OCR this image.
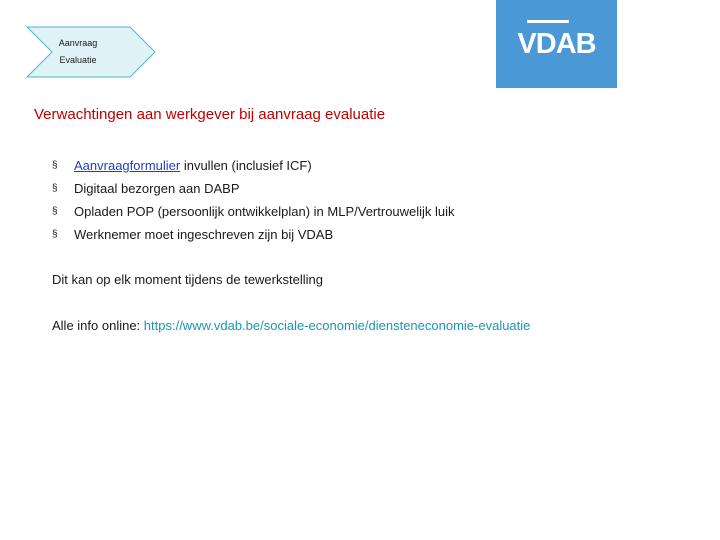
Aanvraag
Evaluatie
VDAB
Verwachtingen aan werkgever bij aanvraag evaluatie
§	Aanvraagformulier invullen (inclusief ICF)
§	Digitaal bezorgen aan DABP
§	Opladen POP (persoonlijk ontwikkelplan) in MLP/Vertrouwelijk luik
§	Werknemer moet ingeschreven zijn bij VDAB
Dit kan op elk moment tijdens de tewerkstelling
Alle info online: https://www.vdab.be/sociale-economie/diensteneconomie-evaluatie
